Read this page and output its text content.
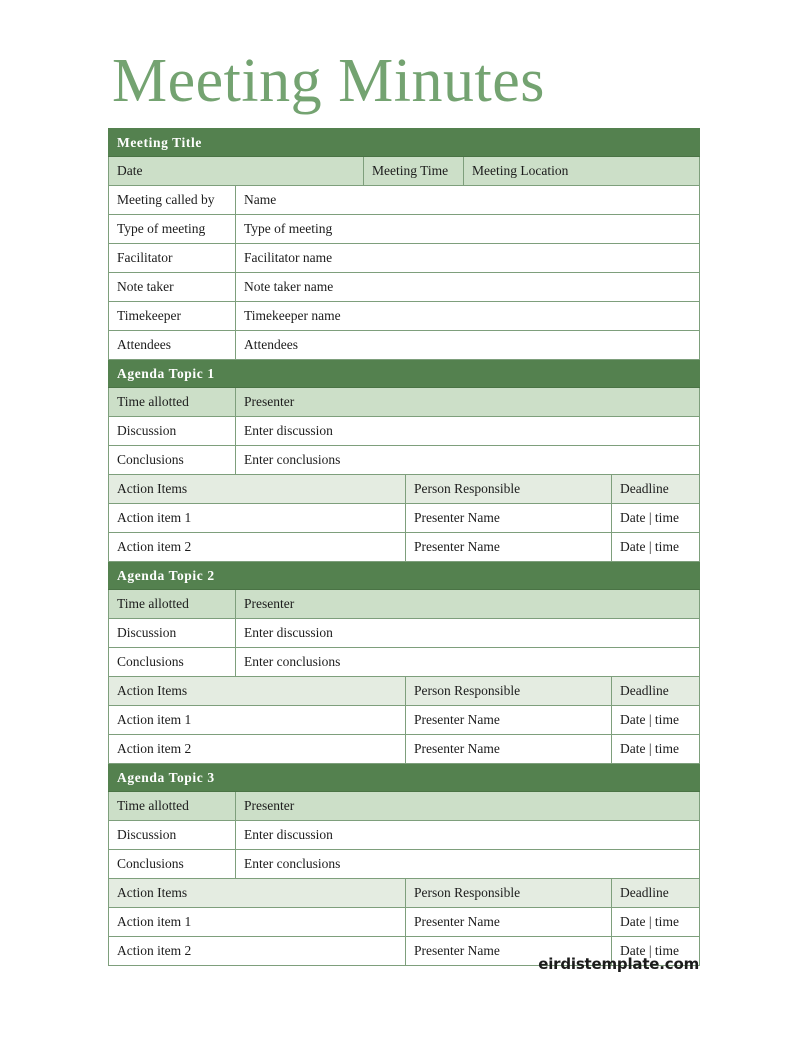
Meeting Minutes
Meeting Title					
Date		Meeting Time		Meeting Location	
Meeting called by	Name				
Type of meeting	Type of meeting				
Facilitator	Facilitator name				
Note taker	Note taker name				
Timekeeper	Timekeeper name				
Attendees	Attendees				
Agenda Topic 1					
Time allotted	Presenter				
Discussion	Enter discussion				
Conclusions	Enter conclusions				
Action Items			Person Responsible		Deadline
Action item 1			Presenter Name		Date | time
Action item 2			Presenter Name		Date | time
Agenda Topic 2					
Time allotted	Presenter				
Discussion	Enter discussion				
Conclusions	Enter conclusions				
Action Items			Person Responsible		Deadline
Action item 1			Presenter Name		Date | time
Action item 2			Presenter Name		Date | time
Agenda Topic 3					
Time allotted	Presenter				
Discussion	Enter discussion				
Conclusions	Enter conclusions				
Action Items			Person Responsible		Deadline
Action item 1			Presenter Name		Date | time
Action item 2			Presenter Name		Date | time
eirdistemplate.com
